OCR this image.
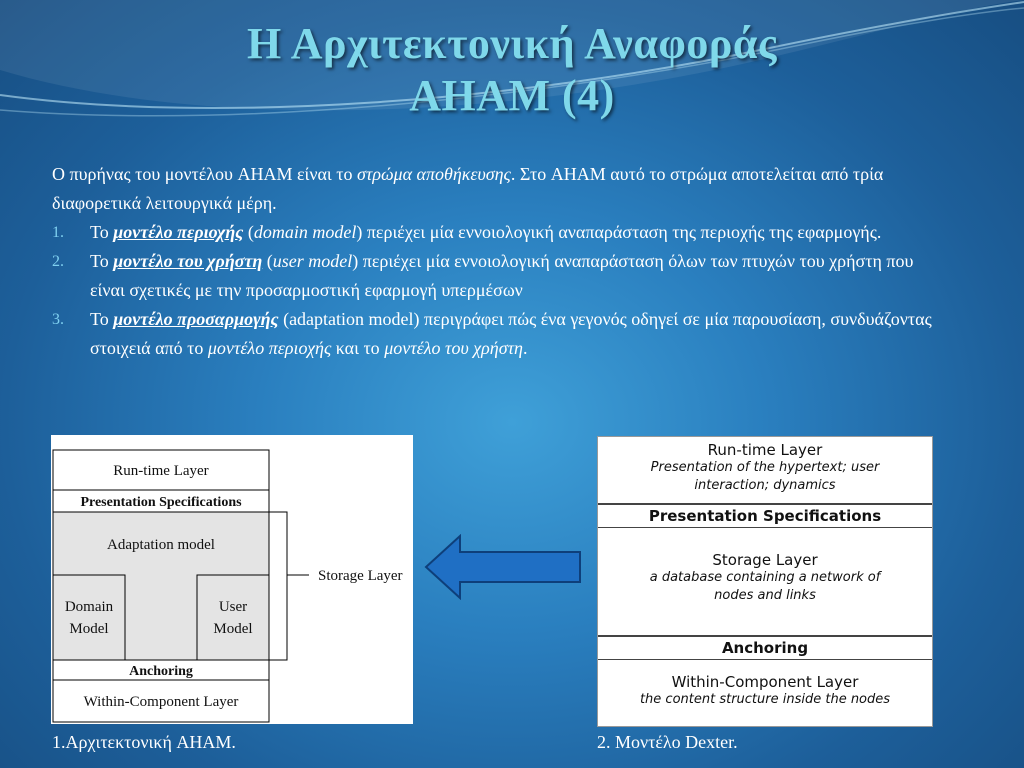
Η Αρχιτεκτονική Αναφοράς
AHAM (4)

Ο πυρήνας του μοντέλου AHAM είναι το στρώμα αποθήκευσης. Στο AHAM αυτό το στρώμα αποτελείται από τρία διαφορετικά λειτουργικά μέρη.

1. Το μοντέλο περιοχής (domain model) περιέχει μία εννοιολογική αναπαράσταση της περιοχής της εφαρμογής.
2. Το μοντέλο του χρήστη (user model) περιέχει μία εννοιολογική αναπαράσταση όλων των πτυχών του χρήστη που είναι σχετικές με την προσαρμοστική εφαρμογή υπερμέσων
3. Το μοντέλο προσαρμογής (adaptation model) περιγράφει πώς ένα γεγονός οδηγεί σε μία παρουσίαση, συνδυάζοντας στοιχειά από το μοντέλο περιοχής και το μοντέλο του χρήστη.
Run-time Layer
Presentation Specifications
Adaptation model
Domain
Model
User
Model
Anchoring
Within-Component Layer
Storage Layer
Run-time Layer
Presentation of the hypertext; user
interaction; dynamics
Presentation Specifications
Storage Layer
a database containing a network of
nodes and links
Anchoring
Within-Component Layer
the content structure inside the nodes
1.Αρχιτεκτονική AHAM.	2. Μοντέλο Dexter.
